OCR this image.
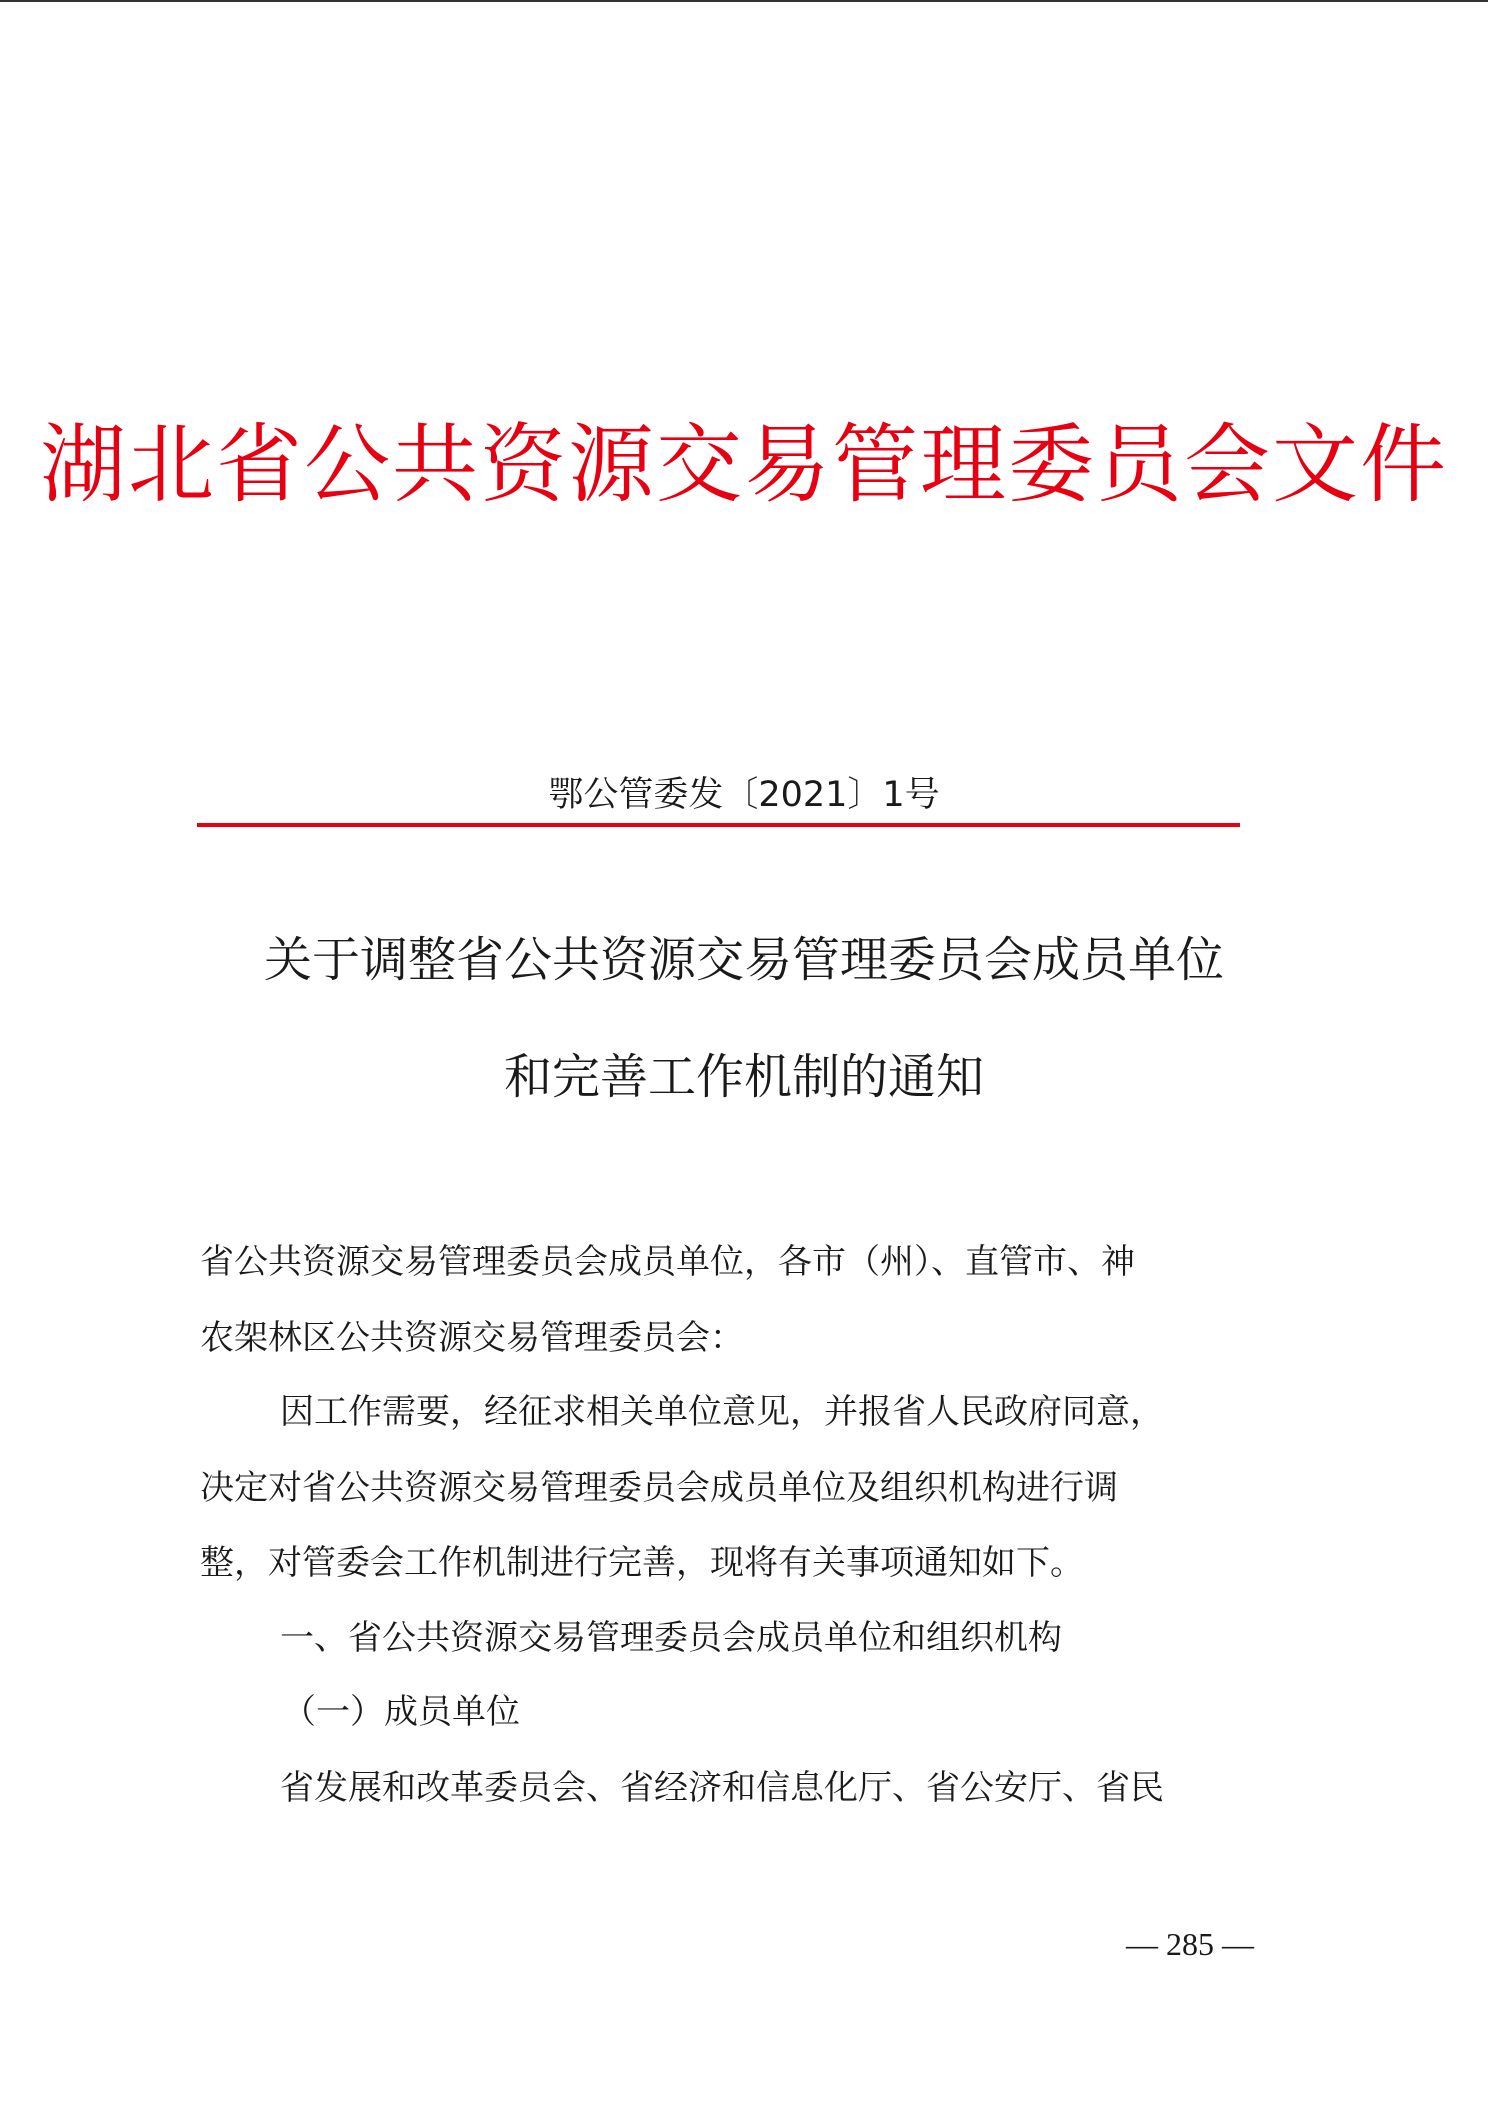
湖北省公共资源交易管理委员会文件
鄂公管委发〔2021〕1号
关于调整省公共资源交易管理委员会成员单位
和完善工作机制的通知
省公共资源交易管理委员会成员单位，各市（州）、直管市、神
农架林区公共资源交易管理委员会：
因工作需要，经征求相关单位意见，并报省人民政府同意，
决定对省公共资源交易管理委员会成员单位及组织机构进行调
整，对管委会工作机制进行完善，现将有关事项通知如下。
一、省公共资源交易管理委员会成员单位和组织机构
（一）成员单位
省发展和改革委员会、省经济和信息化厅、省公安厅、省民
— 285 —
